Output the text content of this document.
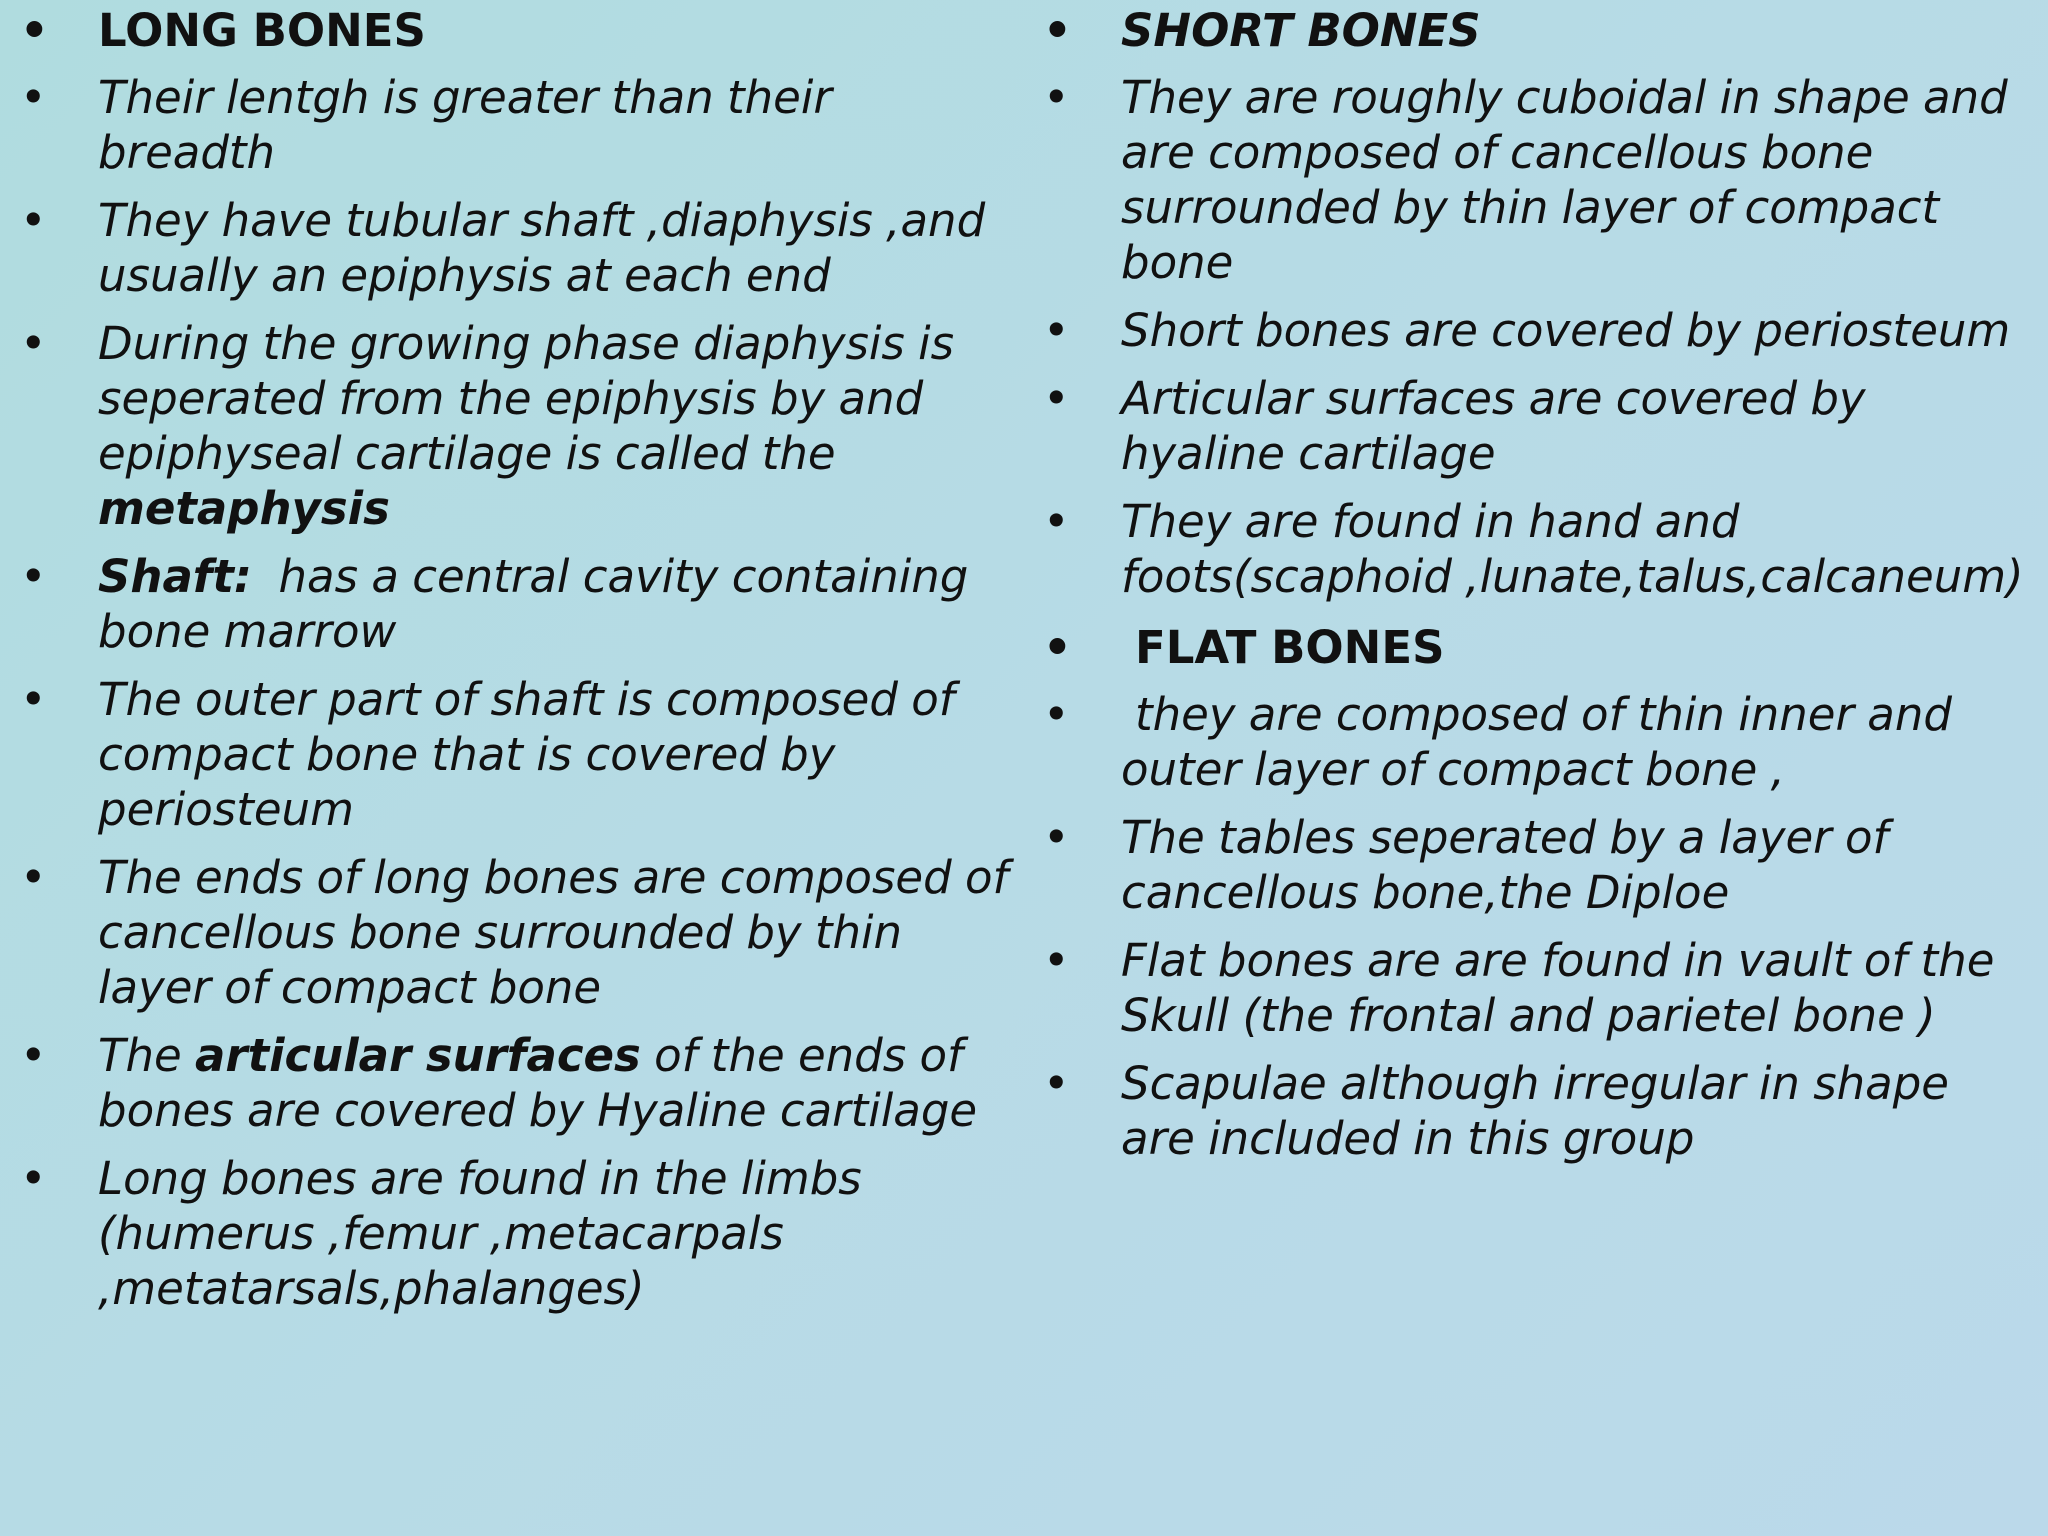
• LONG BONES
• Their lentgh is greater than their breadth
• They have tubular shaft ,diaphysis ,and usually an epiphysis at each end
• During the growing phase diaphysis is seperated from the epiphysis by and epiphyseal cartilage is called the metaphysis
• Shaft: has a central cavity containing bone marrow
• The outer part of shaft is composed of compact bone that is covered by periosteum
• The ends of long bones are composed of cancellous bone surrounded by thin layer of compact bone
• The articular surfaces of the ends of bones are covered by Hyaline cartilage
• Long bones are found in the limbs (humerus ,femur ,metacarpals ,metatarsals,phalanges)
• SHORT BONES
• They are roughly cuboidal in shape and are composed of cancellous bone surrounded by thin layer of compact bone
• Short bones are covered by periosteum
• Articular surfaces are covered by hyaline cartilage
• They are found in hand and foots(scaphoid ,lunate,talus,calcaneum)
• FLAT BONES
• they are composed of thin inner and outer layer of compact bone ,
• The tables seperated by a layer of cancellous bone,the Diploe
• Flat bones are are found in vault of the Skull (the frontal and parietel bone )
• Scapulae although irregular in shape are included in this group
